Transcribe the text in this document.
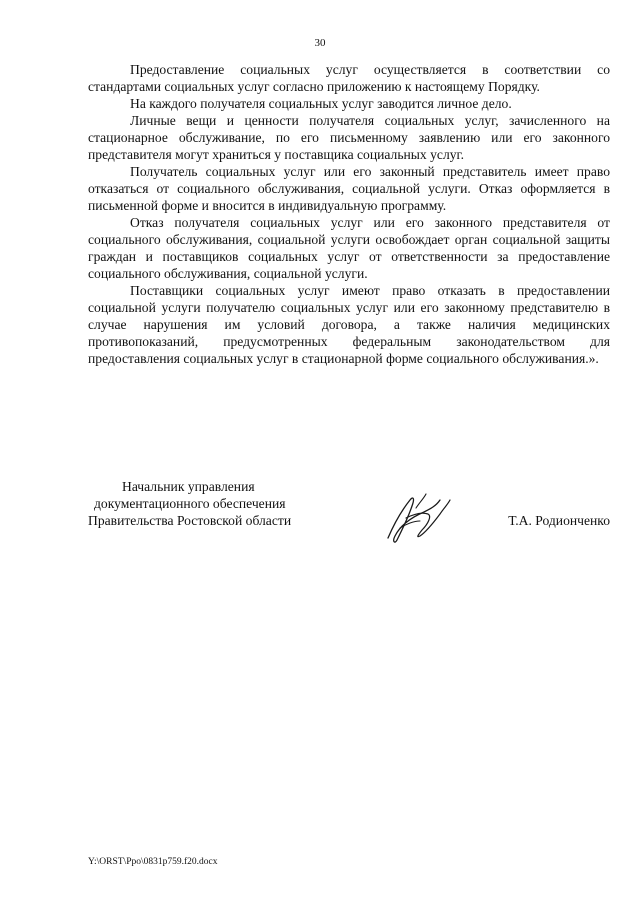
30

Предоставление социальных услуг осуществляется в соответствии со стандартами социальных услуг согласно приложению к настоящему Порядку.

На каждого получателя социальных услуг заводится личное дело.

Личные вещи и ценности получателя социальных услуг, зачисленного на стационарное обслуживание, по его письменному заявлению или его законного представителя могут храниться у поставщика социальных услуг.

Получатель социальных услуг или его законный представитель имеет право отказаться от социального обслуживания, социальной услуги. Отказ оформляется в письменной форме и вносится в индивидуальную программу.

Отказ получателя социальных услуг или его законного представителя от социального обслуживания, социальной услуги освобождает орган социальной защиты граждан и поставщиков социальных услуг от ответственности за предоставление социального обслуживания, социальной услуги.

Поставщики социальных услуг имеют право отказать в предоставлении социальной услуги получателю социальных услуг или его законному представителю в случае нарушения им условий договора, а также наличия медицинских противопоказаний, предусмотренных федеральным законодательством для предоставления социальных услуг в стационарной форме социального обслуживания.».

Начальник управления
документационного обеспечения
Правительства Ростовской области	Т.А. Родионченко
Y:\ORST\Ppo\0831p759.f20.docx
